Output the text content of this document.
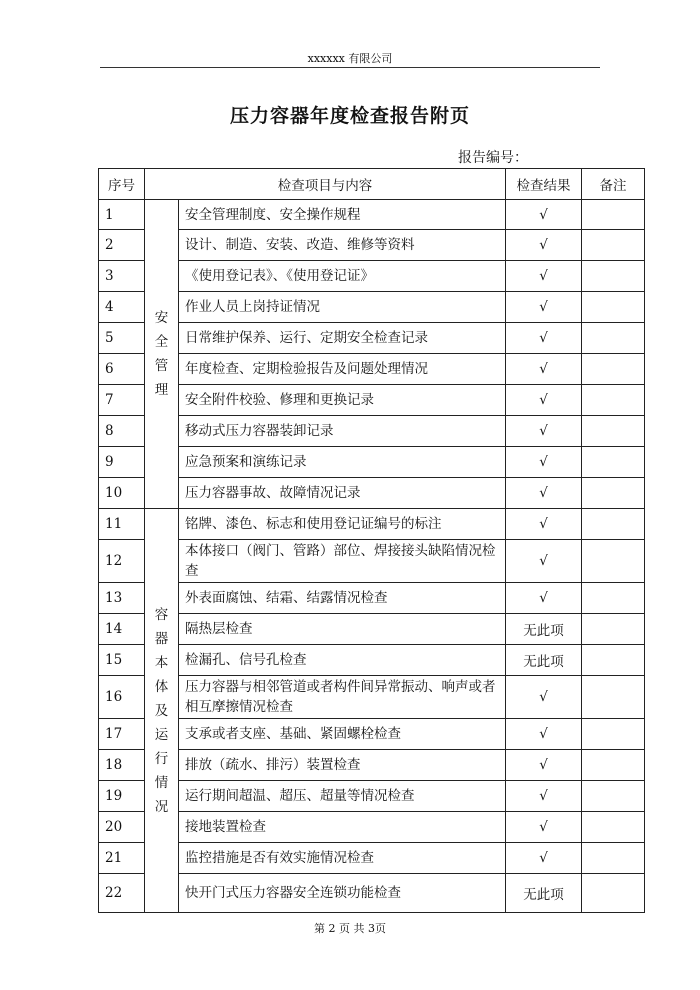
xxxxxx 有限公司
压力容器年度检查报告附页
报告编号：
序号	检查项目与内容		检查结果	备注
1	安全管理	安全管理制度、安全操作规程	√	
2		设计、制造、安装、改造、维修等资料	√	
3		《使用登记表》、《使用登记证》	√	
4		作业人员上岗持证情况	√	
5		日常维护保养、运行、定期安全检查记录	√	
6		年度检查、定期检验报告及问题处理情况	√	
7		安全附件校验、修理和更换记录	√	
8		移动式压力容器装卸记录	√	
9		应急预案和演练记录	√	
10		压力容器事故、故障情况记录	√	
11	容器本体及运行情况	铭牌、漆色、标志和使用登记证编号的标注	√	
12		本体接口（阀门、管路）部位、焊接接头缺陷情况检查	√	
13		外表面腐蚀、结霜、结露情况检查	√	
14		隔热层检查	无此项	
15		检漏孔、信号孔检查	无此项	
16		压力容器与相邻管道或者构件间异常振动、响声或者相互摩擦情况检查	√	
17		支承或者支座、基础、紧固螺栓检查	√	
18		排放（疏水、排污）装置检查	√	
19		运行期间超温、超压、超量等情况检查	√	
20		接地装置检查	√	
21		监控措施是否有效实施情况检查	√	
22		快开门式压力容器安全连锁功能检查	无此项	
第 2 页 共 3页
